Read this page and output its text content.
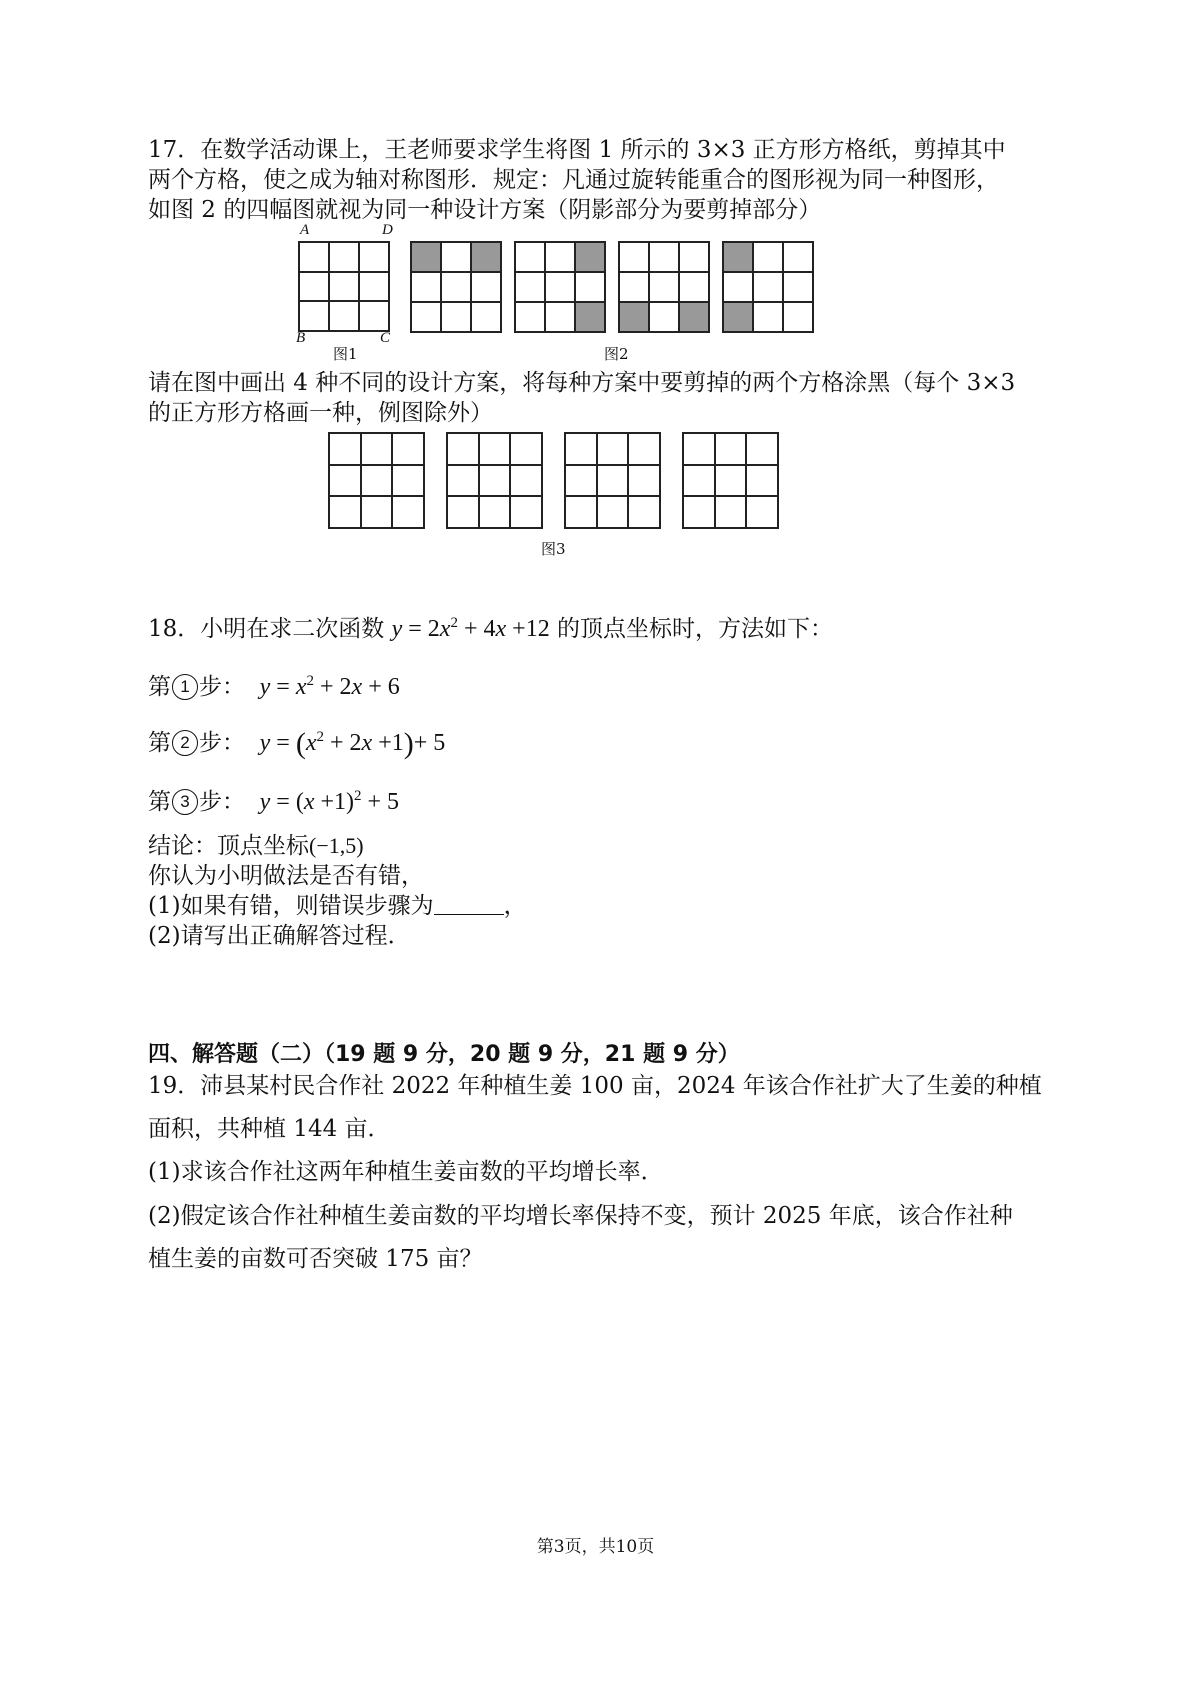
17．在数学活动课上，王老师要求学生将图 1 所示的 3×3 正方形方格纸，剪掉其中
两个方格，使之成为轴对称图形．规定：凡通过旋转能重合的图形视为同一种图形，
如图 2 的四幅图就视为同一种设计方案（阴影部分为要剪掉部分）
A	D
B	C
图1	图2
请在图中画出 4 种不同的设计方案，将每种方案中要剪掉的两个方格涂黑（每个 3×3
的正方形方格画一种，例图除外）
图3
18．小明在求二次函数 $y = 2x^2 + 4x +12$ 的顶点坐标时，方法如下：
第 1 步： $y = x^2 + 2x + 6$
第 2 步： $y = (x^2 + 2x +1)+ 5$
第 3 步： $y = (x +1)^2 + 5$
结论：顶点坐标(−1,5)
你认为小明做法是否有错，
(1)如果有错，则错误步骤为	，
(2)请写出正确解答过程．
四、解答题（二）（19 题 9 分，20 题 9 分，21 题 9 分）
19．沛县某村民合作社 2022 年种植生姜 100 亩，2024 年该合作社扩大了生姜的种植
面积，共种植 144 亩．
(1)求该合作社这两年种植生姜亩数的平均增长率．
(2)假定该合作社种植生姜亩数的平均增长率保持不变，预计 2025 年底，该合作社种
植生姜的亩数可否突破 175 亩？
第3页，共10页
